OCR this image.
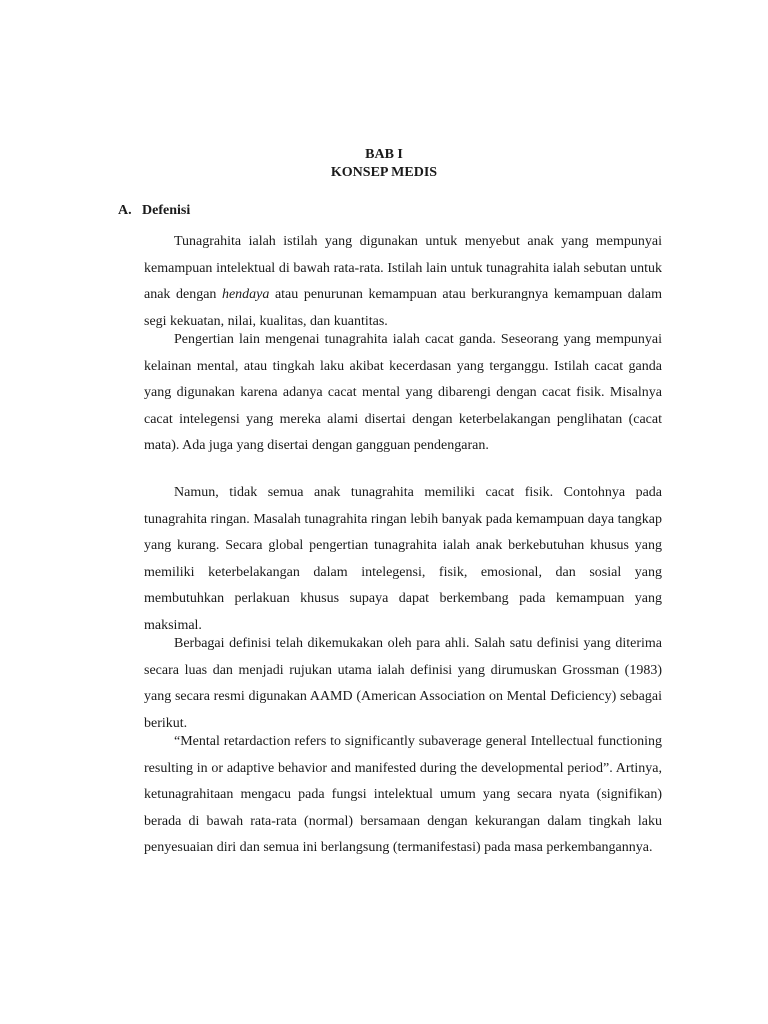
BAB I
KONSEP MEDIS
A. Defenisi

Tunagrahita ialah istilah yang digunakan untuk menyebut anak yang mempunyai kemampuan intelektual di bawah rata-rata. Istilah lain untuk tunagrahita ialah sebutan untuk anak dengan hendaya atau penurunan kemampuan atau berkurangnya kemampuan dalam segi kekuatan, nilai, kualitas, dan kuantitas.

Pengertian lain mengenai tunagrahita ialah cacat ganda. Seseorang yang mempunyai kelainan mental, atau tingkah laku akibat kecerdasan yang terganggu. Istilah cacat ganda yang digunakan karena adanya cacat mental yang dibarengi dengan cacat fisik. Misalnya cacat intelegensi yang mereka alami disertai dengan keterbelakangan penglihatan (cacat mata). Ada juga yang disertai dengan gangguan pendengaran.

Namun, tidak semua anak tunagrahita memiliki cacat fisik. Contohnya pada tunagrahita ringan. Masalah tunagrahita ringan lebih banyak pada kemampuan daya tangkap yang kurang. Secara global pengertian tunagrahita ialah anak berkebutuhan khusus yang memiliki keterbelakangan dalam intelegensi, fisik, emosional, dan sosial yang membutuhkan perlakuan khusus supaya dapat berkembang pada kemampuan yang maksimal.

Berbagai definisi telah dikemukakan oleh para ahli. Salah satu definisi yang diterima secara luas dan menjadi rujukan utama ialah definisi yang dirumuskan Grossman (1983) yang secara resmi digunakan AAMD (American Association on Mental Deficiency) sebagai berikut.

“Mental retardaction refers to significantly subaverage general Intellectual functioning resulting in or adaptive behavior and manifested during the developmental period”. Artinya, ketunagrahitaan mengacu pada fungsi intelektual umum yang secara nyata (signifikan) berada di bawah rata-rata (normal) bersamaan dengan kekurangan dalam tingkah laku penyesuaian diri dan semua ini berlangsung (termanifestasi) pada masa perkembangannya.
